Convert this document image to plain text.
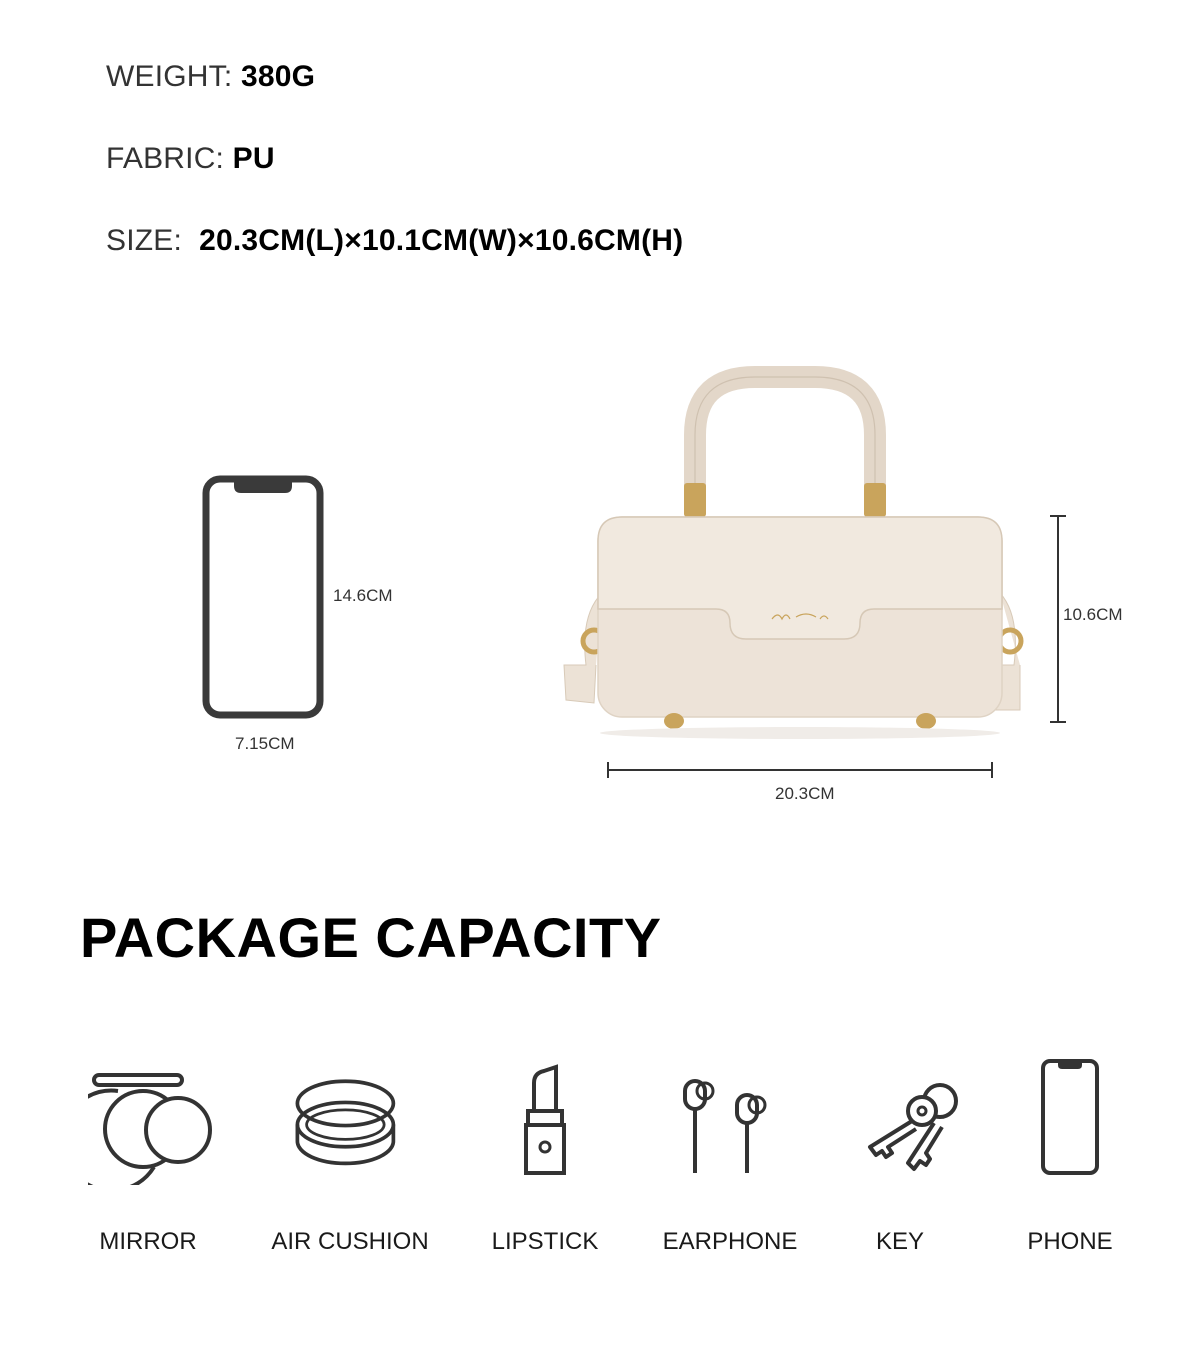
WEIGHT: 380G
FABRIC: PU
SIZE: 20.3CM(L)×10.1CM(W)×10.6CM(H)
14.6CM
7.15CM
10.6CM
20.3CM
PACKAGE CAPACITY
MIRROR	AIR CUSHION	LIPSTICK	EARPHONE	KEY	PHONE
